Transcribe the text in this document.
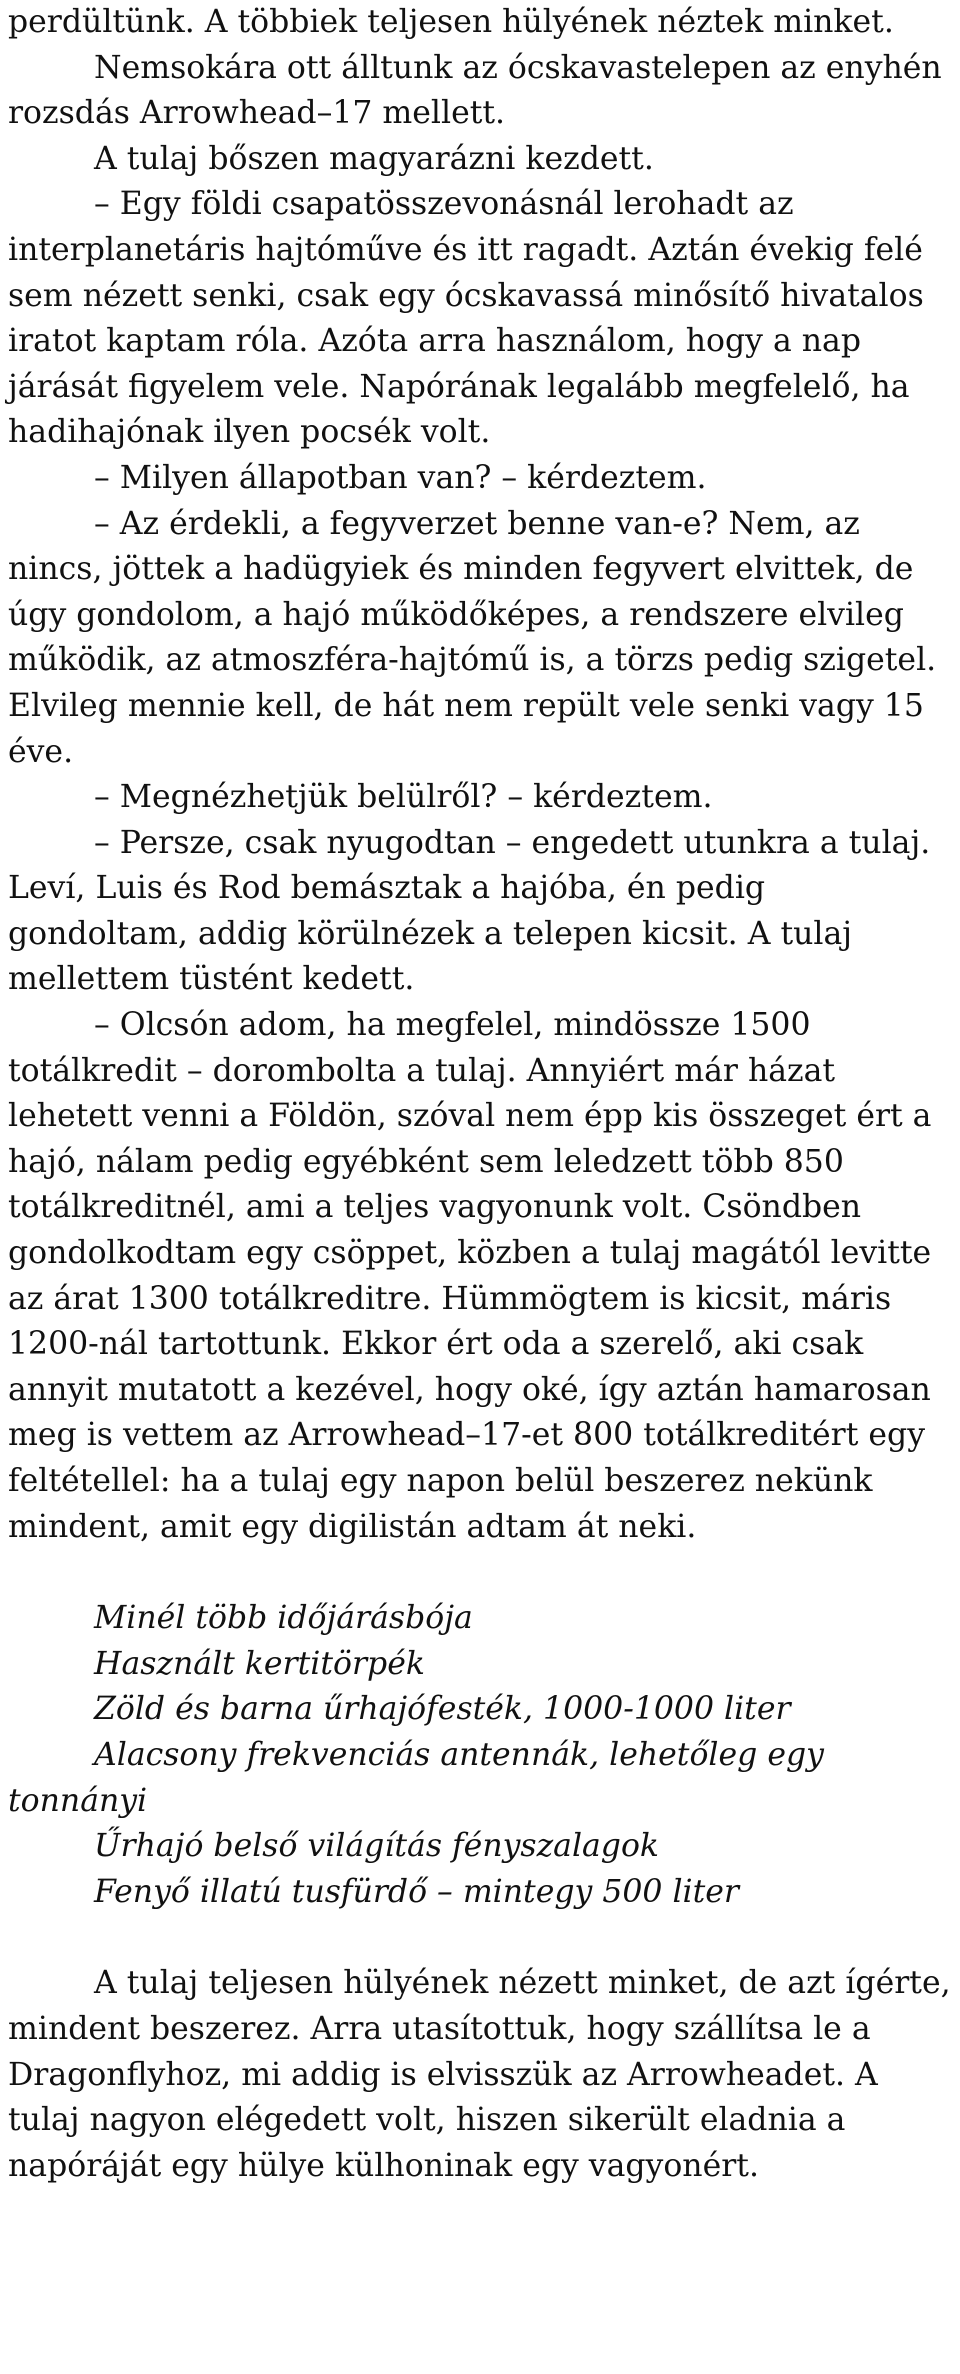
perdültünk. A többiek teljesen hülyének néztek minket.

Nemsokára ott álltunk az ócskavastelepen az enyhén rozsdás Arrowhead–17 mellett.

A tulaj bőszen magyarázni kezdett.

– Egy földi csapatösszevonásnál lerohadt az interplanetáris hajtóműve és itt ragadt. Aztán évekig felé sem nézett senki, csak egy ócskavassá minősítő hivatalos iratot kaptam róla. Azóta arra használom, hogy a nap járását figyelem vele. Napórának legalább megfelelő, ha hadihajónak ilyen pocsék volt.

– Milyen állapotban van? – kérdeztem.

– Az érdekli, a fegyverzet benne van-e? Nem, az nincs, jöttek a hadügyiek és minden fegyvert elvittek, de úgy gondolom, a hajó működőképes, a rendszere elvileg működik, az atmoszféra-hajtómű is, a törzs pedig szigetel. Elvileg mennie kell, de hát nem repült vele senki vagy 15 éve.

– Megnézhetjük belülről? – kérdeztem.

– Persze, csak nyugodtan – engedett utunkra a tulaj. Leví, Luis és Rod bemásztak a hajóba, én pedig gondoltam, addig körülnézek a telepen kicsit. A tulaj mellettem tüstént kedett.

– Olcsón adom, ha megfelel, mindössze 1500 totálkredit – dorombolta a tulaj. Annyiért már házat lehetett venni a Földön, szóval nem épp kis összeget ért a hajó, nálam pedig egyébként sem leledzett több 850 totálkreditnél, ami a teljes vagyonunk volt. Csöndben gondolkodtam egy csöppet, közben a tulaj magától levitte az árat 1300 totálkreditre. Hümmögtem is kicsit, máris 1200-nál tartottunk. Ekkor ért oda a szerelő, aki csak annyit mutatott a kezével, hogy oké, így aztán hamarosan meg is vettem az Arrowhead–17-et 800 totálkreditért egy feltétellel: ha a tulaj egy napon belül beszerez nekünk mindent, amit egy digilistán adtam át neki.

Minél több időjárásbója

Használt kertitörpék

Zöld és barna űrhajófesték, 1000-1000 liter

Alacsony frekvenciás antennák, lehetőleg egy tonnányi

Űrhajó belső világítás fényszalagok

Fenyő illatú tusfürdő – mintegy 500 liter

A tulaj teljesen hülyének nézett minket, de azt ígérte, mindent beszerez. Arra utasítottuk, hogy szállítsa le a Dragonflyhoz, mi addig is elvisszük az Arrowheadet. A tulaj nagyon elégedett volt, hiszen sikerült eladnia a napóráját egy hülye külhoninak egy vagyonért.
